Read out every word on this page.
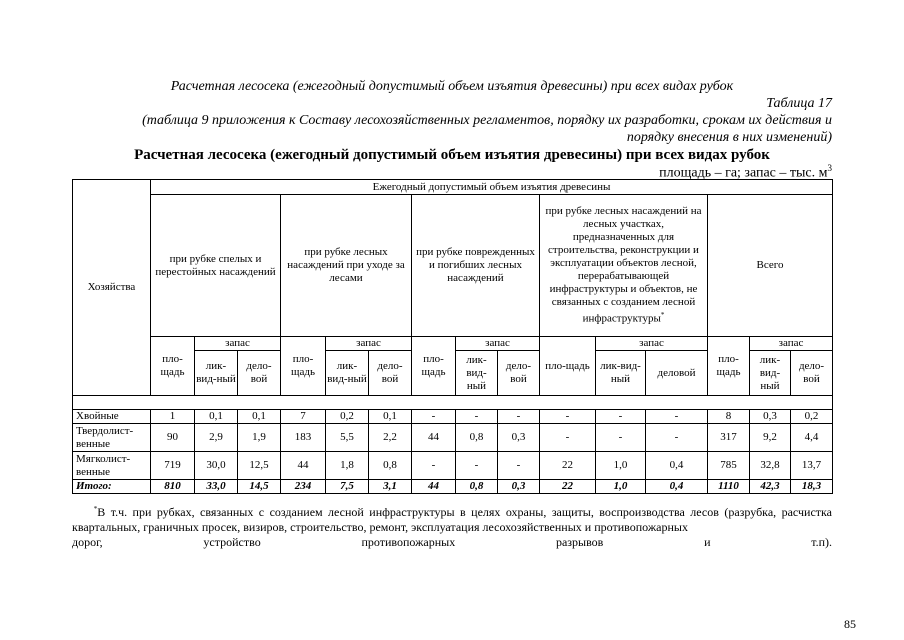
Расчетная лесосека (ежегодный допустимый объем изъятия древесины) при всех видах рубок
Таблица 17
(таблица 9 приложения к Составу лесохозяйственных регламентов, порядку их разработки, срокам их действия и
порядку внесения в них изменений)
Расчетная лесосека (ежегодный допустимый объем изъятия древесины) при всех видах рубок
площадь – га; запас – тыс. $м^3$
Хозяйства	Ежегодный допустимый объем изъятия древесины														
	при рубке спелых и перестойных насаждений			при рубке лесных насаждений при уходе за лесами			при рубке поврежденных и погибших лесных насаждений			при рубке лесных насаждений на лесных участках, предназначенных для строительства, реконструкции и эксплуатации объектов лесной, перерабатывающей инфраструктуры и объектов, не связанных с созданием лесной инфраструктуры*			Всего		
	пло-щадь	запас		пло-щадь	запас		пло-щадь	запас		пло-щадь	запас		пло-щадь	запас	
		лик-вид-ный	дело-вой		лик-вид-ный	дело-вой		лик-вид-ный	дело-вой		лик-вид-ный	деловой		лик-вид-ный	дело-вой

Хвойные	1	0,1	0,1	7	0,2	0,1	-	-	-	-	-	-	8	0,3	0,2
Твердолист-венные	90	2,9	1,9	183	5,5	2,2	44	0,8	0,3	-	-	-	317	9,2	4,4
Мягколист-венные	719	30,0	12,5	44	1,8	0,8	-	-	-	22	1,0	0,4	785	32,8	13,7
Итого:	810	33,0	14,5	234	7,5	3,1	44	0,8	0,3	22	1,0	0,4	1110	42,3	18,3
*В т.ч. при рубках, связанных с созданием лесной инфраструктуры в целях охраны, защиты, воспроизводства лесов (разрубка, расчистка квартальных, граничных просек, визиров, строительство, ремонт, эксплуатация лесохозяйственных и противопожарных
дорог, устройство противопожарных разрывов и т.п).
85
